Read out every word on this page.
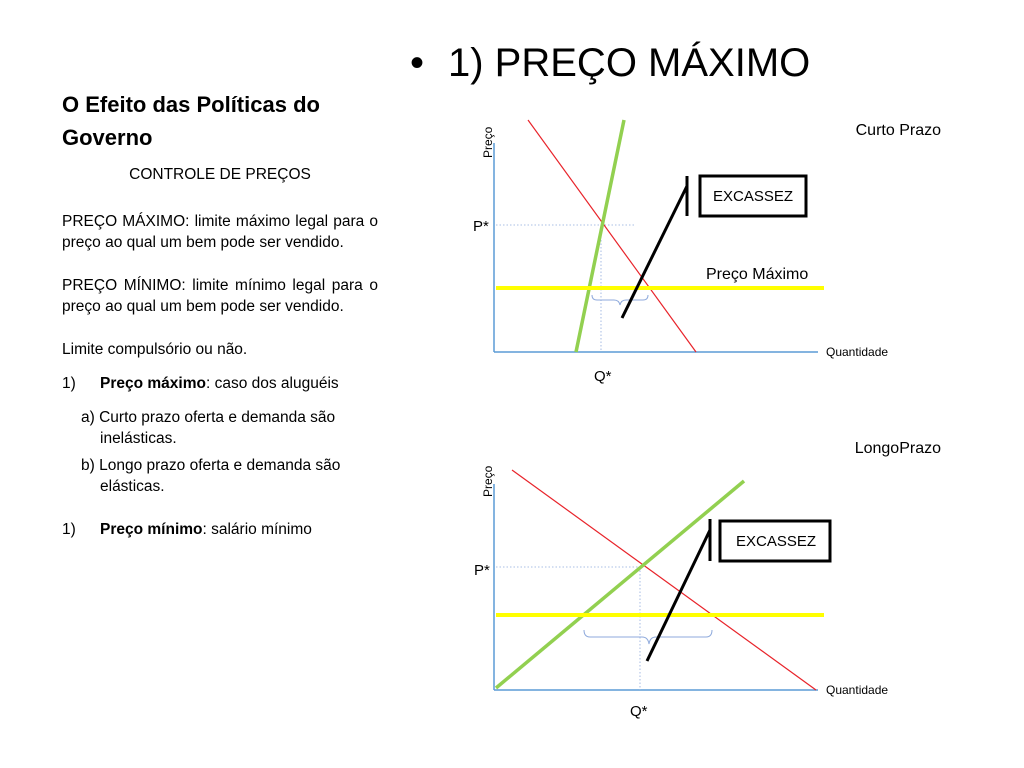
O Efeito das Políticas do Governo

CONTROLE DE PREÇOS

PREÇO MÁXIMO: limite máximo legal para o preço ao qual um bem pode ser vendido.

PREÇO MÍNIMO: limite mínimo legal para o preço ao qual um bem pode ser vendido.

Limite compulsório ou não.

1) Preço máximo: caso dos aluguéis

a) Curto prazo oferta e demanda são inelásticas.

b) Longo prazo oferta e demanda são elásticas.

1) Preço mínimo: salário mínimo

• 1) PREÇO MÁXIMO
Curto Prazo
Preço
Quantidade
P*
Q*
Preço Máximo
EXCASSEZ
LongoPrazo
Preço
Quantidade
P*
Q*
EXCASSEZ
